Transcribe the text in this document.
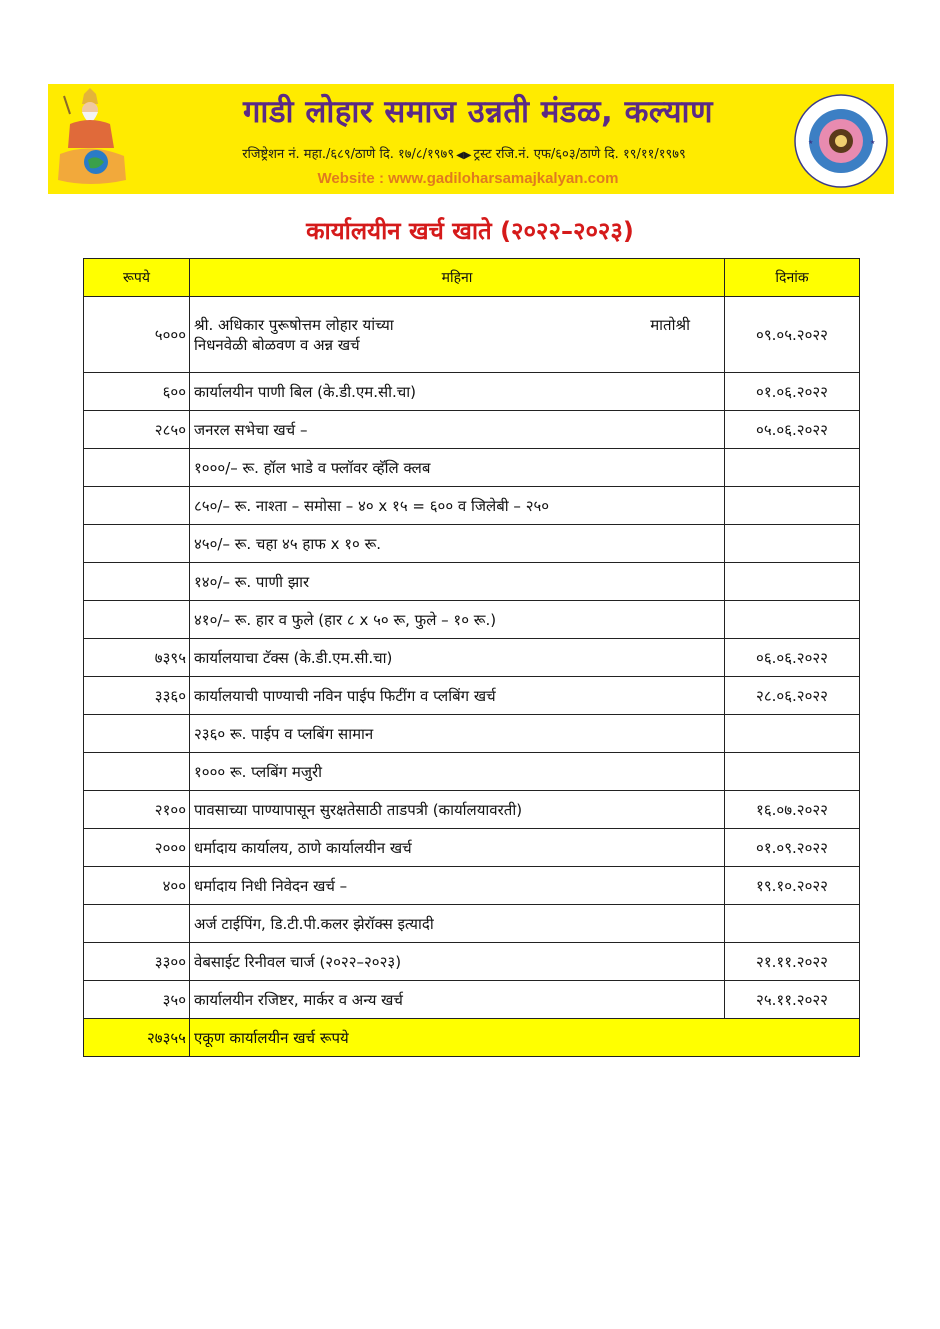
गाडी लोहार समाज उन्नती मंडळ, कल्याण
रजिष्ट्रेशन नं. महा./६८९/ठाणे दि. १७/८/१९७९ ◀▶ ट्रस्ट रजि.नं. एफ/६०३/ठाणे दि. १९/११/१९७९
Website : www.gadiloharsamajkalyan.com
★	★
कार्यालयीन खर्च खाते (२०२२–२०२३)
रूपये	महिना	दिनांक
५०००	श्री. अधिकार पुरूषोत्तम लोहार यांच्या मातोश्री
निधनवेळी बोळवण व अन्न खर्च	०९.०५.२०२२
६००	कार्यालयीन पाणी बिल (के.डी.एम.सी.चा)	०१.०६.२०२२
२८५०	जनरल सभेचा खर्च –	०५.०६.२०२२
	१०००/– रू. हॉल भाडे व फ्लॉवर व्हॅलि क्लब	
	८५०/– रू. नाश्ता – समोसा – ४० x १५ = ६०० व जिलेबी – २५०	
	४५०/– रू. चहा ४५ हाफ x १० रू.	
	१४०/– रू. पाणी झार	
	४१०/– रू. हार व फुले (हार ८ x ५० रू, फुले – १० रू.)	
७३९५	कार्यालयाचा टॅक्स (के.डी.एम.सी.चा)	०६.०६.२०२२
३३६०	कार्यालयाची पाण्याची नविन पाईप फिटींग व प्लबिंग खर्च	२८.०६.२०२२
	२३६० रू. पाईप व प्लबिंग सामान	
	१००० रू. प्लबिंग मजुरी	
२१००	पावसाच्या पाण्यापासून सुरक्षतेसाठी ताडपत्री (कार्यालयावरती)	१६.०७.२०२२
२०००	धर्मादाय कार्यालय, ठाणे कार्यालयीन खर्च	०१.०९.२०२२
४००	धर्मादाय निधी निवेदन खर्च –	१९.१०.२०२२
	अर्ज टाईपिंग, डि.टी.पी.कलर झेरॉक्स इत्यादी	
३३००	वेबसाईट रिनीवल चार्ज (२०२२–२०२३)	२१.११.२०२२
३५०	कार्यालयीन रजिष्टर, मार्कर व अन्य खर्च	२५.११.२०२२
२७३५५	एकूण कार्यालयीन खर्च रूपये	
